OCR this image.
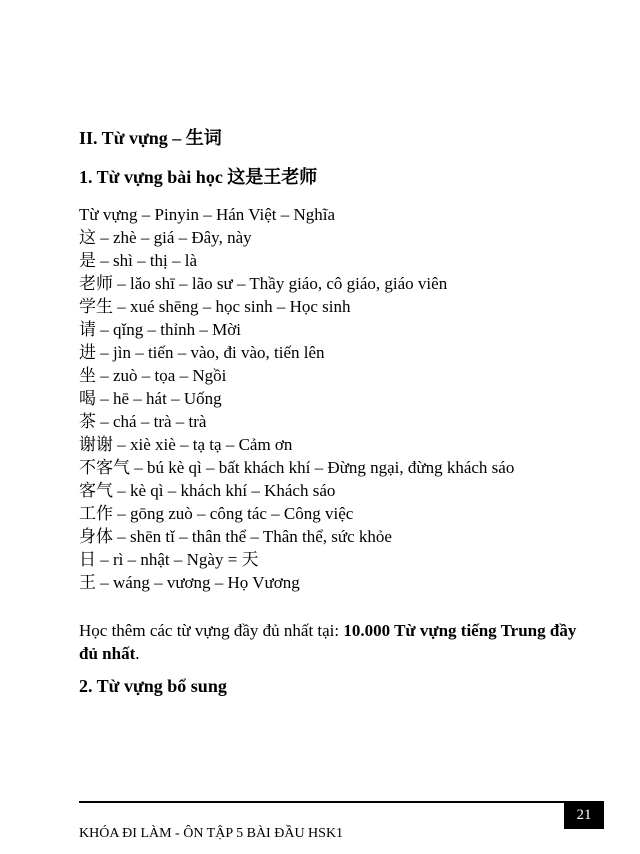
II. Từ vựng – 生词
1. Từ vựng bài học 这是王老师
Từ vựng – Pinyin – Hán Việt – Nghĩa
这 – zhè – giá – Đây, này
是 – shì – thị – là
老师 – lǎo shī – lão sư – Thầy giáo, cô giáo, giáo viên
学生 – xué shēng – học sinh – Học sinh
请 – qǐng – thỉnh – Mời
进 – jìn – tiến – vào, đi vào, tiến lên
坐 – zuò – tọa – Ngồi
喝 – hē – hát – Uống
茶 – chá – trà – trà
谢谢 – xiè xiè – tạ tạ – Cảm ơn
不客气 – bú kè qì – bất khách khí – Đừng ngại, đừng khách sáo
客气 – kè qì – khách khí – Khách sáo
工作 – gōng zuò – công tác – Công việc
身体 – shēn tǐ – thân thể – Thân thể, sức khỏe
日 – rì – nhật – Ngày = 天
王 – wáng – vương – Họ Vương
Học thêm các từ vựng đầy đủ nhất tại: 10.000 Từ vựng tiếng Trung đầy đủ nhất.
2. Từ vựng bổ sung
21
KHÓA ĐI LÀM - ÔN TẬP 5 BÀI ĐẦU HSK1
